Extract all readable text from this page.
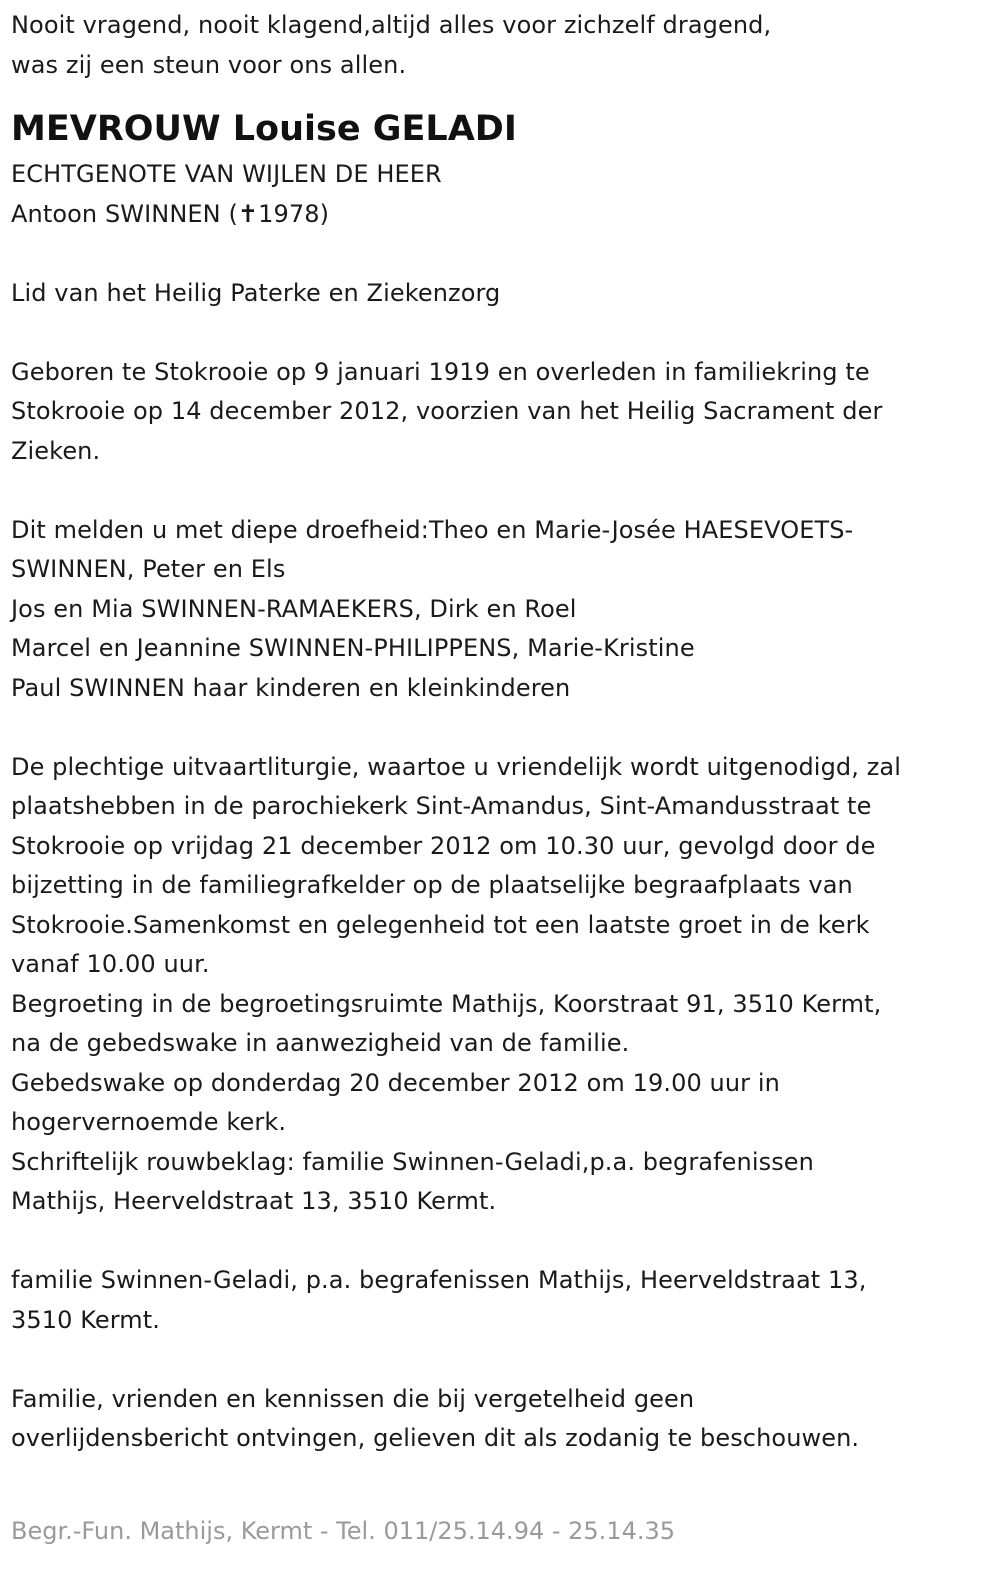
Nooit vragend, nooit klagend,altijd alles voor zichzelf dragend,
was zij een steun voor ons allen.
MEVROUW Louise GELADI
ECHTGENOTE VAN WIJLEN DE HEER
Antoon SWINNEN (✝1978)
Lid van het Heilig Paterke en Ziekenzorg
Geboren te Stokrooie op 9 januari 1919 en overleden in familiekring te
Stokrooie op 14 december 2012, voorzien van het Heilig Sacrament der
Zieken.
Dit melden u met diepe droefheid:Theo en Marie-Josée HAESEVOETS-
SWINNEN, Peter en Els
Jos en Mia SWINNEN-RAMAEKERS, Dirk en Roel
Marcel en Jeannine SWINNEN-PHILIPPENS, Marie-Kristine
Paul SWINNEN haar kinderen en kleinkinderen
De plechtige uitvaartliturgie, waartoe u vriendelijk wordt uitgenodigd, zal
plaatshebben in de parochiekerk Sint-Amandus, Sint-Amandusstraat te
Stokrooie op vrijdag 21 december 2012 om 10.30 uur, gevolgd door de
bijzetting in de familiegrafkelder op de plaatselijke begraafplaats van
Stokrooie.Samenkomst en gelegenheid tot een laatste groet in de kerk
vanaf 10.00 uur.
Begroeting in de begroetingsruimte Mathijs, Koorstraat 91, 3510 Kermt,
na de gebedswake in aanwezigheid van de familie.
Gebedswake op donderdag 20 december 2012 om 19.00 uur in
hogervernoemde kerk.
Schriftelijk rouwbeklag: familie Swinnen-Geladi,p.a. begrafenissen
Mathijs, Heerveldstraat 13, 3510 Kermt.
familie Swinnen-Geladi, p.a. begrafenissen Mathijs, Heerveldstraat 13,
3510 Kermt.
Familie, vrienden en kennissen die bij vergetelheid geen
overlijdensbericht ontvingen, gelieven dit als zodanig te beschouwen.
Begr.-Fun. Mathijs, Kermt - Tel. 011/25.14.94 - 25.14.35
